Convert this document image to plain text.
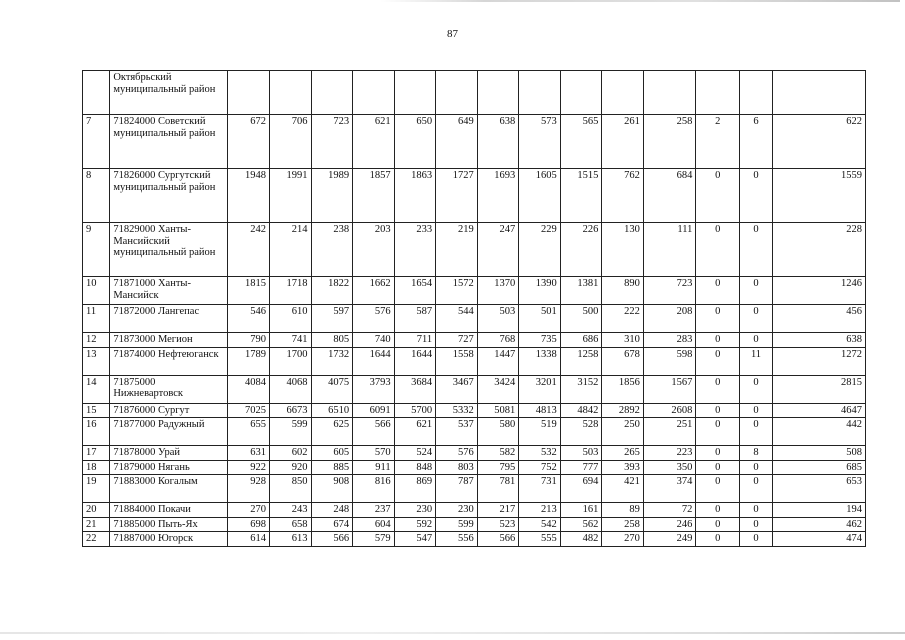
87
	Октябрьский муниципальный район														
7	71824000 Советский муниципальный район	672	706	723	621	650	649	638	573	565	261	258	2	6	622
8	71826000 Сургутский муниципальный район	1948	1991	1989	1857	1863	1727	1693	1605	1515	762	684	0	0	1559
9	71829000 Ханты-Мансийский муниципальный район	242	214	238	203	233	219	247	229	226	130	111	0	0	228
10	71871000 Ханты-Мансийск	1815	1718	1822	1662	1654	1572	1370	1390	1381	890	723	0	0	1246
11	71872000 Лангепас	546	610	597	576	587	544	503	501	500	222	208	0	0	456
12	71873000 Мегион	790	741	805	740	711	727	768	735	686	310	283	0	0	638
13	71874000 Нефтеюганск	1789	1700	1732	1644	1644	1558	1447	1338	1258	678	598	0	11	1272
14	71875000 Нижневартовск	4084	4068	4075	3793	3684	3467	3424	3201	3152	1856	1567	0	0	2815
15	71876000 Сургут	7025	6673	6510	6091	5700	5332	5081	4813	4842	2892	2608	0	0	4647
16	71877000 Радужный	655	599	625	566	621	537	580	519	528	250	251	0	0	442
17	71878000 Урай	631	602	605	570	524	576	582	532	503	265	223	0	8	508
18	71879000 Нягань	922	920	885	911	848	803	795	752	777	393	350	0	0	685
19	71883000 Когалым	928	850	908	816	869	787	781	731	694	421	374	0	0	653
20	71884000 Покачи	270	243	248	237	230	230	217	213	161	89	72	0	0	194
21	71885000 Пыть-Ях	698	658	674	604	592	599	523	542	562	258	246	0	0	462
22	71887000 Югорск	614	613	566	579	547	556	566	555	482	270	249	0	0	474
